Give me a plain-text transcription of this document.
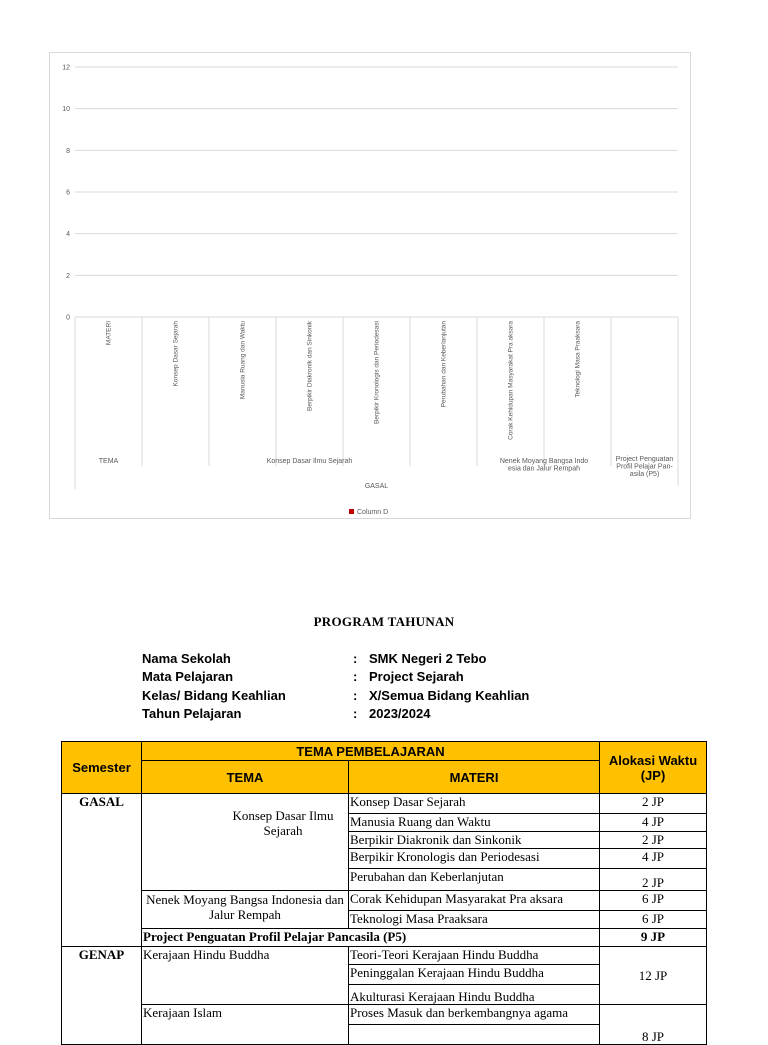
12
10
8
6
4
2
0
MATERI	Konsep Dasar Sejarah	Manusia Ruang dan Waktu	Berpikir Diakronik dan Sinkonik	Berpikir Kronologis dan Periodesasi	Perubahan dan Keberlanjutan	Corak Kehidupan Masyarakat Pra aksara	Teknologi Masa Praaksara
TEMA	Konsep Dasar Ilmu Sejarah	Nenek Moyang Bangsa Indo
esia dan Jalur Rempah
Project Penguatan
Profil Pelajar Pan-
asila (P5)
GASAL
Column D
PROGRAM TAHUNAN
Nama Sekolah	: SMK Negeri 2 Tebo
Mata Pelajaran	: Project Sejarah
Kelas/ Bidang Keahlian	: X/Semua Bidang Keahlian
Tahun Pelajaran	: 2023/2024
Semester	TEMA PEMBELAJARAN		Alokasi Waktu (JP)
	TEMA	MATERI	
GASAL	Konsep Dasar Ilmu Sejarah	Konsep Dasar Sejarah	2 JP
		Manusia Ruang dan Waktu	4 JP
		Berpikir Diakronik dan Sinkonik	2 JP
		Berpikir Kronologis dan Periodesasi	4 JP
		Perubahan dan Keberlanjutan	2 JP
	Nenek Moyang Bangsa Indonesia dan Jalur Rempah	Corak Kehidupan Masyarakat Pra aksara	6 JP
		Teknologi Masa Praaksara	6 JP
	Project Penguatan Profil Pelajar Pancasila (P5)		9 JP
GENAP	Kerajaan Hindu Buddha	Teori-Teori Kerajaan Hindu Buddha	12 JP
		Peninggalan Kerajaan Hindu Buddha	
		Akulturasi Kerajaan Hindu Buddha	
	Kerajaan Islam	Proses Masuk dan berkembangnya agama	8 JP
